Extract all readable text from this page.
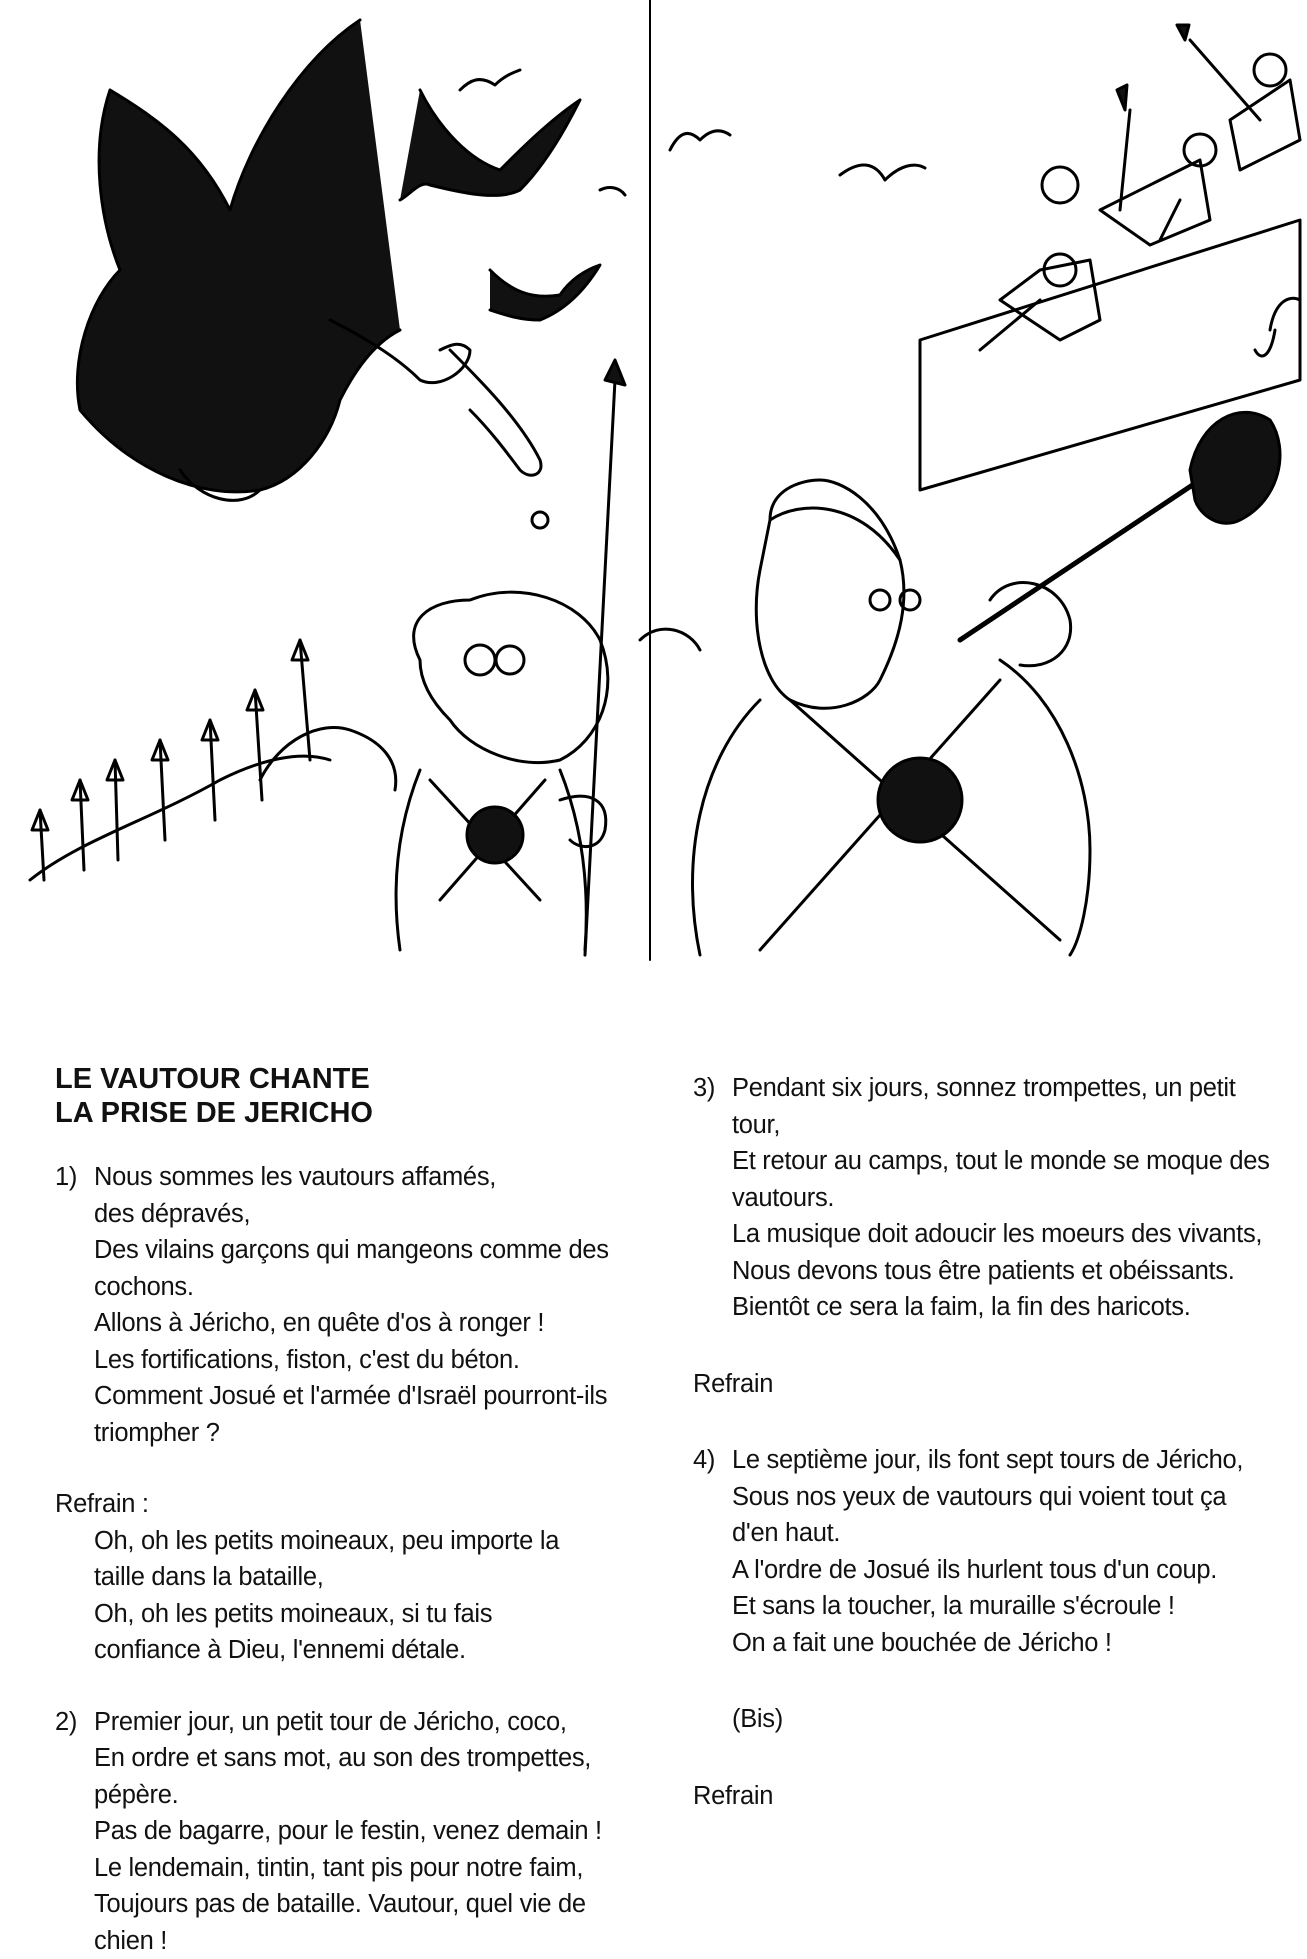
LE VAUTOUR CHANTE
LA PRISE DE JERICHO
1) Nous sommes les vautours affamés,
des dépravés,
Des vilains garçons qui mangeons comme des
cochons.
Allons à Jéricho, en quête d'os à ronger !
Les fortifications, fiston, c'est du béton.
Comment Josué et l'armée d'Israël pourront-ils
triompher ?
Refrain :
Oh, oh les petits moineaux, peu importe la
taille dans la bataille,
Oh, oh les petits moineaux, si tu fais
confiance à Dieu, l'ennemi détale.
2) Premier jour, un petit tour de Jéricho, coco,
En ordre et sans mot, au son des trompettes,
pépère.
Pas de bagarre, pour le festin, venez demain !
Le lendemain, tintin, tant pis pour notre faim,
Toujours pas de bataille. Vautour, quel vie de
chien !
3) Pendant six jours, sonnez trompettes, un petit
tour,
Et retour au camps, tout le monde se moque des
vautours.
La musique doit adoucir les moeurs des vivants,
Nous devons tous être patients et obéissants.
Bientôt ce sera la faim, la fin des haricots.
Refrain
4) Le septième jour, ils font sept tours de Jéricho,
Sous nos yeux de vautours qui voient tout ça
d'en haut.
A l'ordre de Josué ils hurlent tous d'un coup.
Et sans la toucher, la muraille s'écroule !
On a fait une bouchée de Jéricho !
(Bis)
Refrain
